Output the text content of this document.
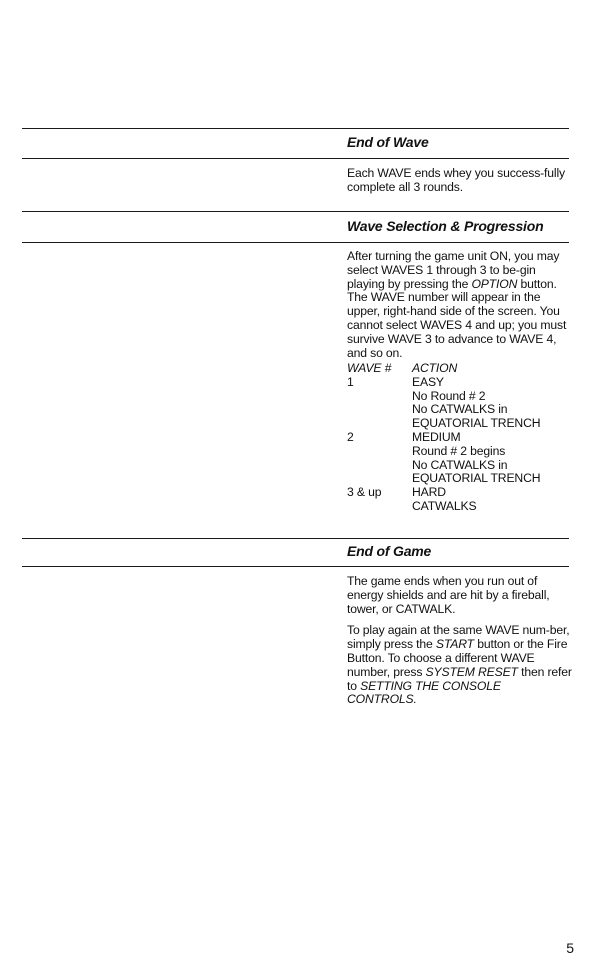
End of Wave

Each WAVE ends whey you success-fully complete all 3 rounds.

Wave Selection & Progression

After turning the game unit ON, you may select WAVES 1 through 3 to be-gin playing by pressing the OPTION button. The WAVE number will appear in the upper, right-hand side of the screen. You cannot select WAVES 4 and up; you must survive WAVE 3 to advance to WAVE 4, and so on.

WAVE #	ACTION
1	EASY
No Round # 2
No CATWALKS in
EQUATORIAL TRENCH
2	MEDIUM
Round # 2 begins
No CATWALKS in
EQUATORIAL TRENCH
3 & up	HARD
CATWALKS
End of Game

The game ends when you run out of energy shields and are hit by a fireball, tower, or CATWALK.

To play again at the same WAVE num-ber, simply press the START button or the Fire Button. To choose a different WAVE number, press SYSTEM RESET then refer to SETTING THE CONSOLE CONTROLS.

5
